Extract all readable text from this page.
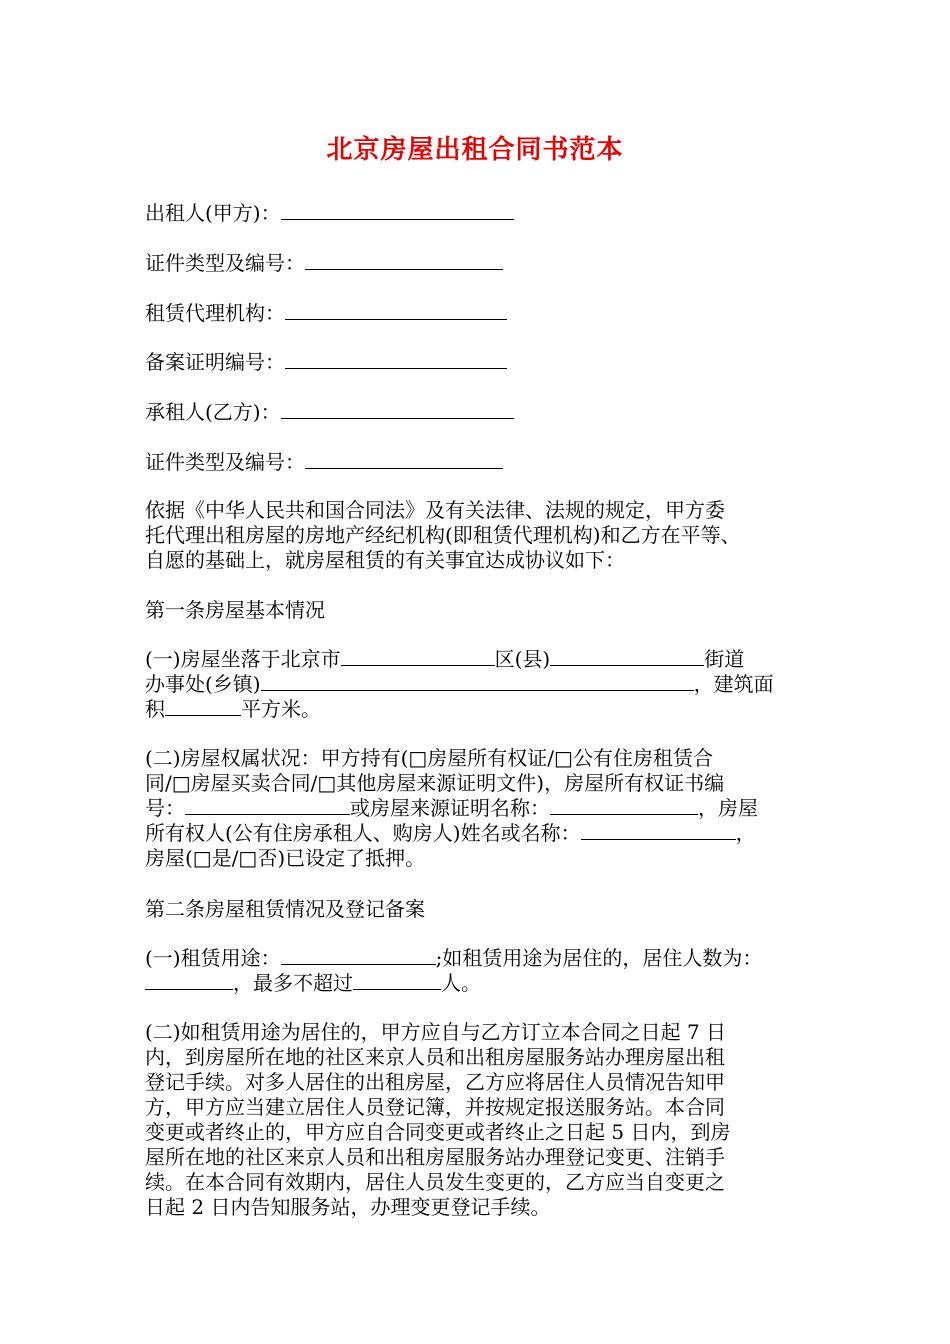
北京房屋出租合同书范本
出租人(甲方)：
证件类型及编号：
租赁代理机构：
备案证明编号：
承租人(乙方)：
证件类型及编号：
依据《中华人民共和国合同法》及有关法律、法规的规定，甲方委
托代理出租房屋的房地产经纪机构(即租赁代理机构)和乙方在平等、
自愿的基础上，就房屋租赁的有关事宜达成协议如下：
第一条房屋基本情况
(一)房屋坐落于北京市	区(县)	街道
办事处(乡镇)	，建筑面
积	平方米。
(二)房屋权属状况：甲方持有(□房屋所有权证/□公有住房租赁合
同/□房屋买卖合同/□其他房屋来源证明文件)，房屋所有权证书编
号：	或房屋来源证明名称：	，房屋
所有权人(公有住房承租人、购房人)姓名或名称：	，
房屋(□是/□否)已设定了抵押。
第二条房屋租赁情况及登记备案
(一)租赁用途：	;如租赁用途为居住的，居住人数为：
，最多不超过	人。
(二)如租赁用途为居住的，甲方应自与乙方订立本合同之日起 7 日
内，到房屋所在地的社区来京人员和出租房屋服务站办理房屋出租
登记手续。对多人居住的出租房屋，乙方应将居住人员情况告知甲
方，甲方应当建立居住人员登记簿，并按规定报送服务站。本合同
变更或者终止的，甲方应自合同变更或者终止之日起 5 日内，到房
屋所在地的社区来京人员和出租房屋服务站办理登记变更、注销手
续。在本合同有效期内，居住人员发生变更的，乙方应当自变更之
日起 2 日内告知服务站，办理变更登记手续。
